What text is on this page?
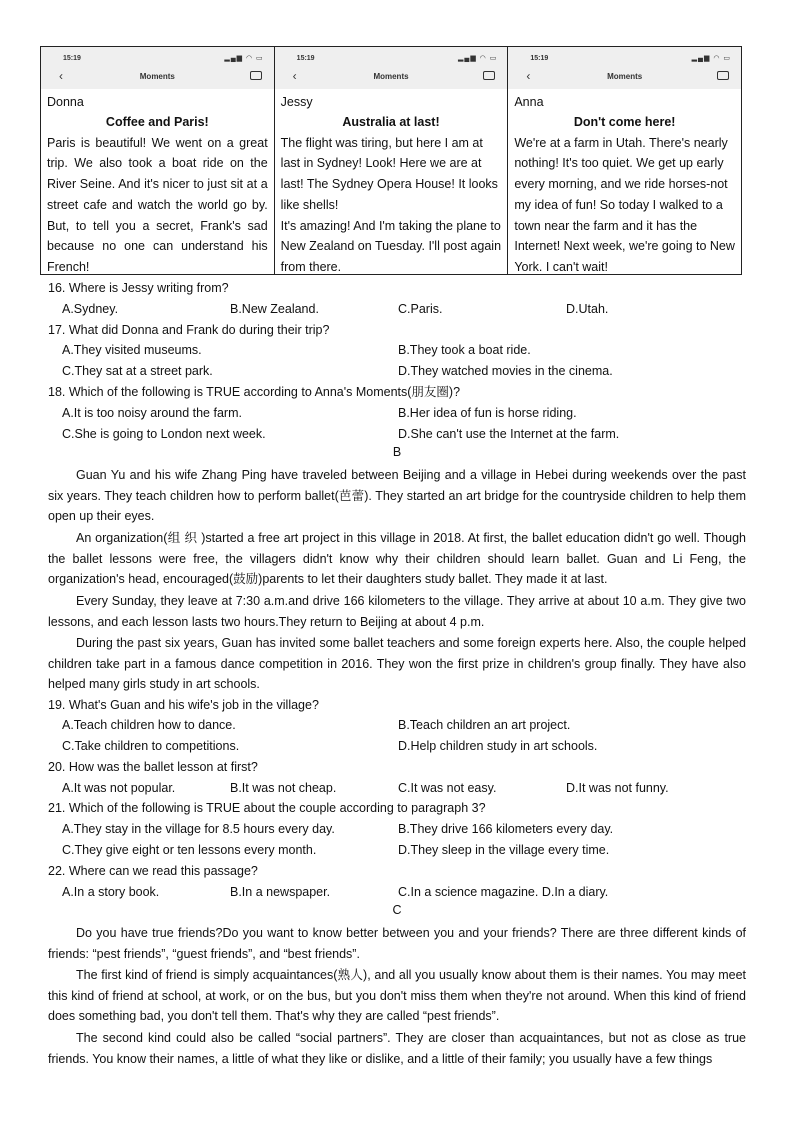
15:19	▂▄▆ ◠ ▭
‹	Moments
Donna
Coffee and Paris!
Paris is beautiful! We went on a great trip. We also took a boat ride on the River Seine. And it's nicer to just sit at a street cafe and watch the world go by. But, to tell you a secret, Frank's sad because no one can understand his French!
15:19	▂▄▆ ◠ ▭
‹	Moments
Jessy
Australia at last!
The flight was tiring, but here I am at last in Sydney! Look! Here we are at last! The Sydney Opera House! It looks like shells!
It's amazing! And I'm taking the plane to New Zealand on Tuesday. I'll post again from there.
15:19	▂▄▆ ◠ ▭
‹	Moments
Anna
Don't come here!
We're at a farm in Utah. There's nearly nothing! It's too quiet. We get up early every morning, and we ride horses-not my idea of fun! So today I walked to a town near the farm and it has the Internet! Next week, we're going to New York. I can't wait!
16. Where is Jessy writing from?
A.Sydney.	B.New Zealand.	C.Paris.	D.Utah.
17. What did Donna and Frank do during their trip?
A.They visited museums.	B.They took a boat ride.
C.They sat at a street park.	D.They watched movies in the cinema.
18. Which of the following is TRUE according to Anna's Moments(朋友圈)?
A.It is too noisy around the farm.	B.Her idea of fun is horse riding.
C.She is going to London next week.	D.She can't use the Internet at the farm.
B
Guan Yu and his wife Zhang Ping have traveled between Beijing and a village in Hebei during weekends over the past six years. They teach children how to perform ballet(芭蕾). They started an art bridge for the countryside children to help them open up their eyes.
An organization(组 织 )started a free art project in this village in 2018. At first, the ballet education didn't go well. Though the ballet lessons were free, the villagers didn't know why their children should learn ballet. Guan and Li Feng, the organization's head, encouraged(鼓励)parents to let their daughters study ballet. They made it at last.
Every Sunday, they leave at 7:30 a.m.and drive 166 kilometers to the village. They arrive at about 10 a.m. They give two lessons, and each lesson lasts two hours.They return to Beijing at about 4 p.m.
During the past six years, Guan has invited some ballet teachers and some foreign experts here. Also, the couple helped children take part in a famous dance competition in 2016. They won the first prize in children's group finally. They have also helped many girls study in art schools.
19. What's Guan and his wife's job in the village?
A.Teach children how to dance.	B.Teach children an art project.
C.Take children to competitions.	D.Help children study in art schools.
20. How was the ballet lesson at first?
A.It was not popular.	B.It was not cheap.	C.It was not easy.	D.It was not funny.
21. Which of the following is TRUE about the couple according to paragraph 3?
A.They stay in the village for 8.5 hours every day.	B.They drive 166 kilometers every day.
C.They give eight or ten lessons every month.	D.They sleep in the village every time.
22. Where can we read this passage?
A.In a story book.	B.In a newspaper.	C.In a science magazine. D.In a diary.
C
Do you have true friends?Do you want to know better between you and your friends? There are three different kinds of friends: “pest friends”, “guest friends”, and “best friends”.
The first kind of friend is simply acquaintances(熟人), and all you usually know about them is their names. You may meet this kind of friend at school, at work, or on the bus, but you don't miss them when they're not around. When this kind of friend does something bad, you don't tell them. That's why they are called “pest friends”.
The second kind could also be called “social partners”. They are closer than acquaintances, but not as close as true friends. You know their names, a little of what they like or dislike, and a little of their family; you usually have a few things
